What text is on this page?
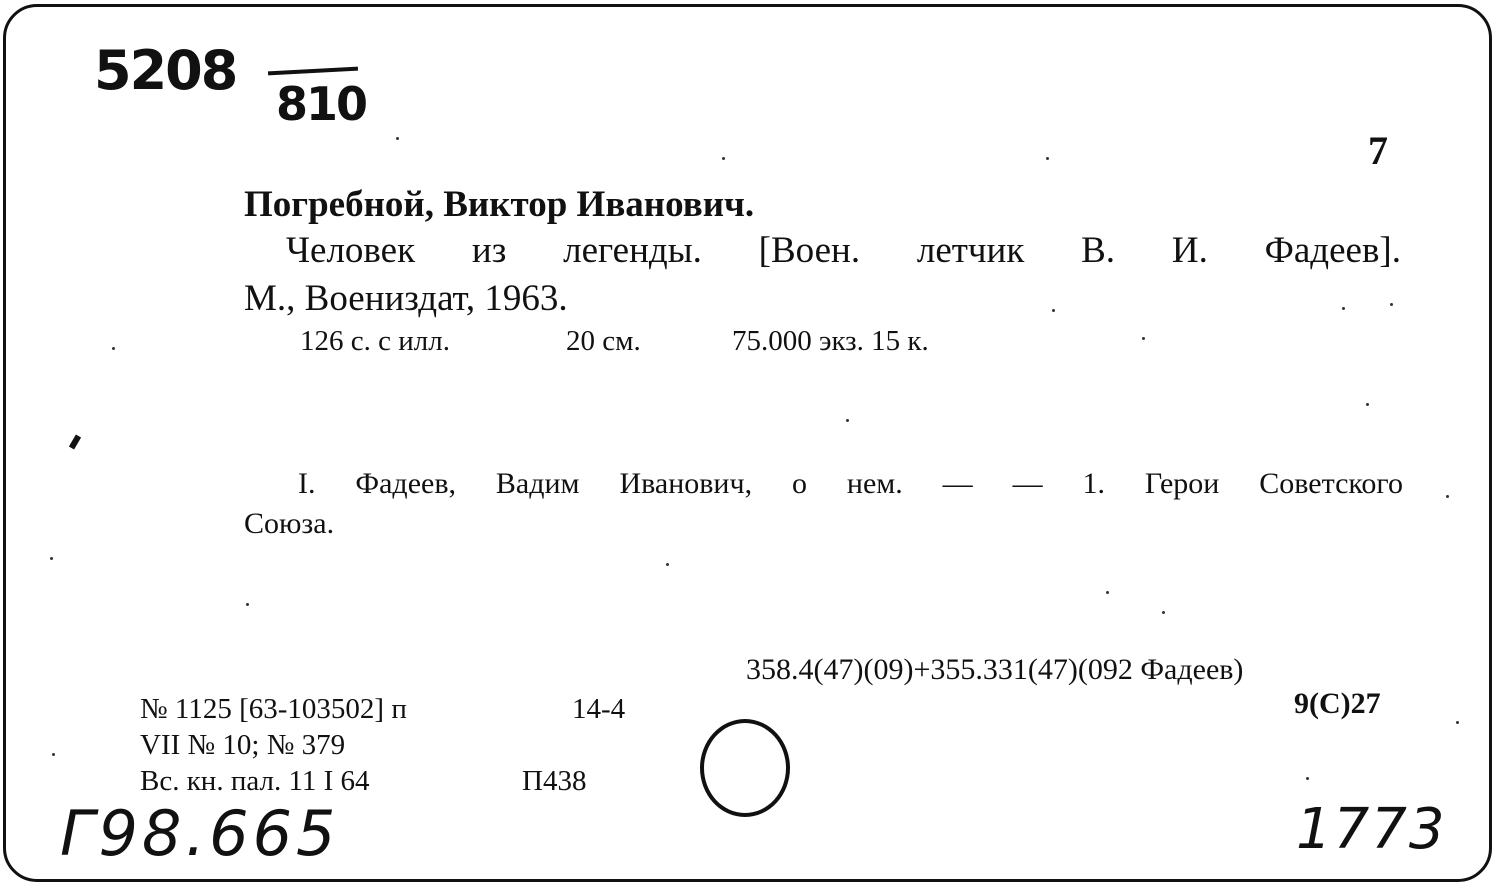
5208
810
7
Погребной, Виктор Иванович.
Человек из легенды. [Воен. летчик В. И. Фадеев].
М., Воениздат, 1963.
126 с. с илл.	20 см.	75.000 экз. 15 к.
I. Фадеев, Вадим Иванович, о нем. — — 1. Герои Советского
Союза.
358.4(47)(09)+355.331(47)(092 Фадеев)
9(С)27
№ 1125 [63-103502] п	14-4
VII № 10; № 379
Вс. кн. пал. 11 I 64	П438
Г98.665	1773
